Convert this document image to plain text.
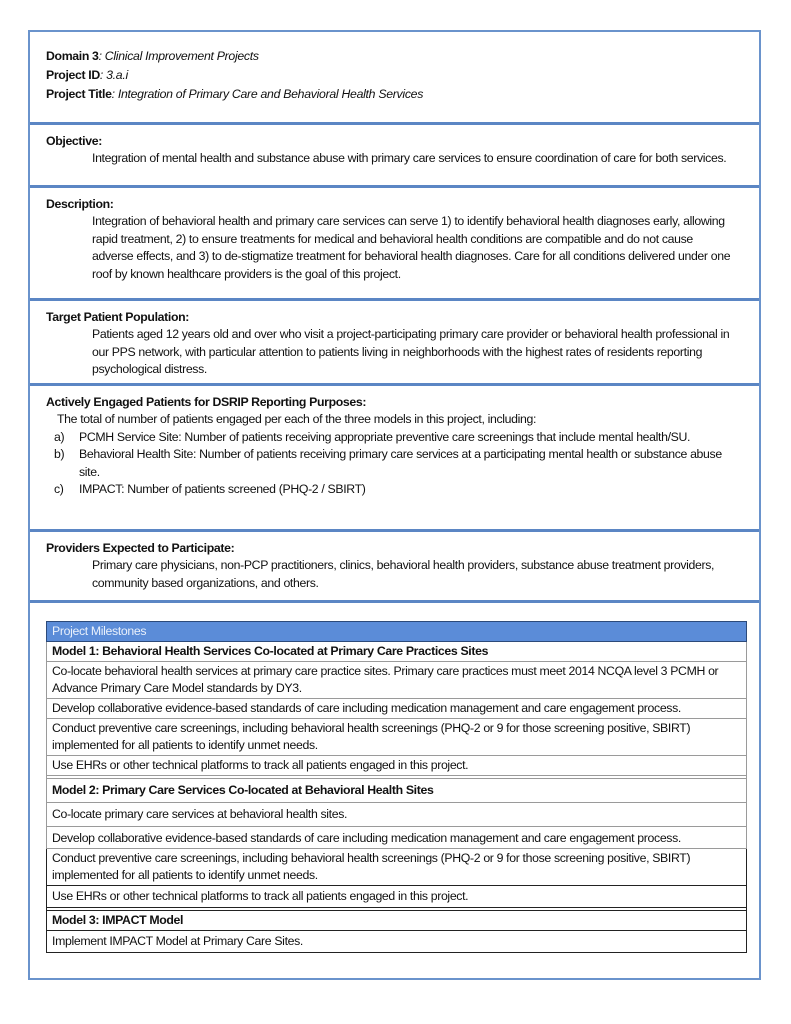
Domain 3: Clinical Improvement Projects
Project ID: 3.a.i
Project Title: Integration of Primary Care and Behavioral Health Services
Objective:
Integration of mental health and substance abuse with primary care services to ensure coordination of care for both services.
Description:
Integration of behavioral health and primary care services can serve 1) to identify behavioral health diagnoses early, allowing rapid treatment, 2) to ensure treatments for medical and behavioral health conditions are compatible and do not cause adverse effects, and 3) to de-stigmatize treatment for behavioral health diagnoses. Care for all conditions delivered under one roof by known healthcare providers is the goal of this project.
Target Patient Population:
Patients aged 12 years old and over who visit a project-participating primary care provider or behavioral health professional in our PPS network, with particular attention to patients living in neighborhoods with the highest rates of residents reporting psychological distress.
Actively Engaged Patients for DSRIP Reporting Purposes:
The total of number of patients engaged per each of the three models in this project, including:
a)	PCMH Service Site: Number of patients receiving appropriate preventive care screenings that include mental health/SU.
b)	Behavioral Health Site: Number of patients receiving primary care services at a participating mental health or substance abuse site.
c)	IMPACT: Number of patients screened (PHQ-2 / SBIRT)
Providers Expected to Participate:
Primary care physicians, non-PCP practitioners, clinics, behavioral health providers, substance abuse treatment providers, community based organizations, and others.
Project Milestones
Model 1: Behavioral Health Services Co-located at Primary Care Practices Sites
Co-locate behavioral health services at primary care practice sites. Primary care practices must meet 2014 NCQA level 3 PCMH or Advance Primary Care Model standards by DY3.
Develop collaborative evidence-based standards of care including medication management and care engagement process.
Conduct preventive care screenings, including behavioral health screenings (PHQ-2 or 9 for those screening positive, SBIRT) implemented for all patients to identify unmet needs.
Use EHRs or other technical platforms to track all patients engaged in this project.

Model 2: Primary Care Services Co-located at Behavioral Health Sites
Co-locate primary care services at behavioral health sites.
Develop collaborative evidence-based standards of care including medication management and care engagement process.
Conduct preventive care screenings, including behavioral health screenings (PHQ-2 or 9 for those screening positive, SBIRT) implemented for all patients to identify unmet needs.
Use EHRs or other technical platforms to track all patients engaged in this project.

Model 3: IMPACT Model
Implement IMPACT Model at Primary Care Sites.
